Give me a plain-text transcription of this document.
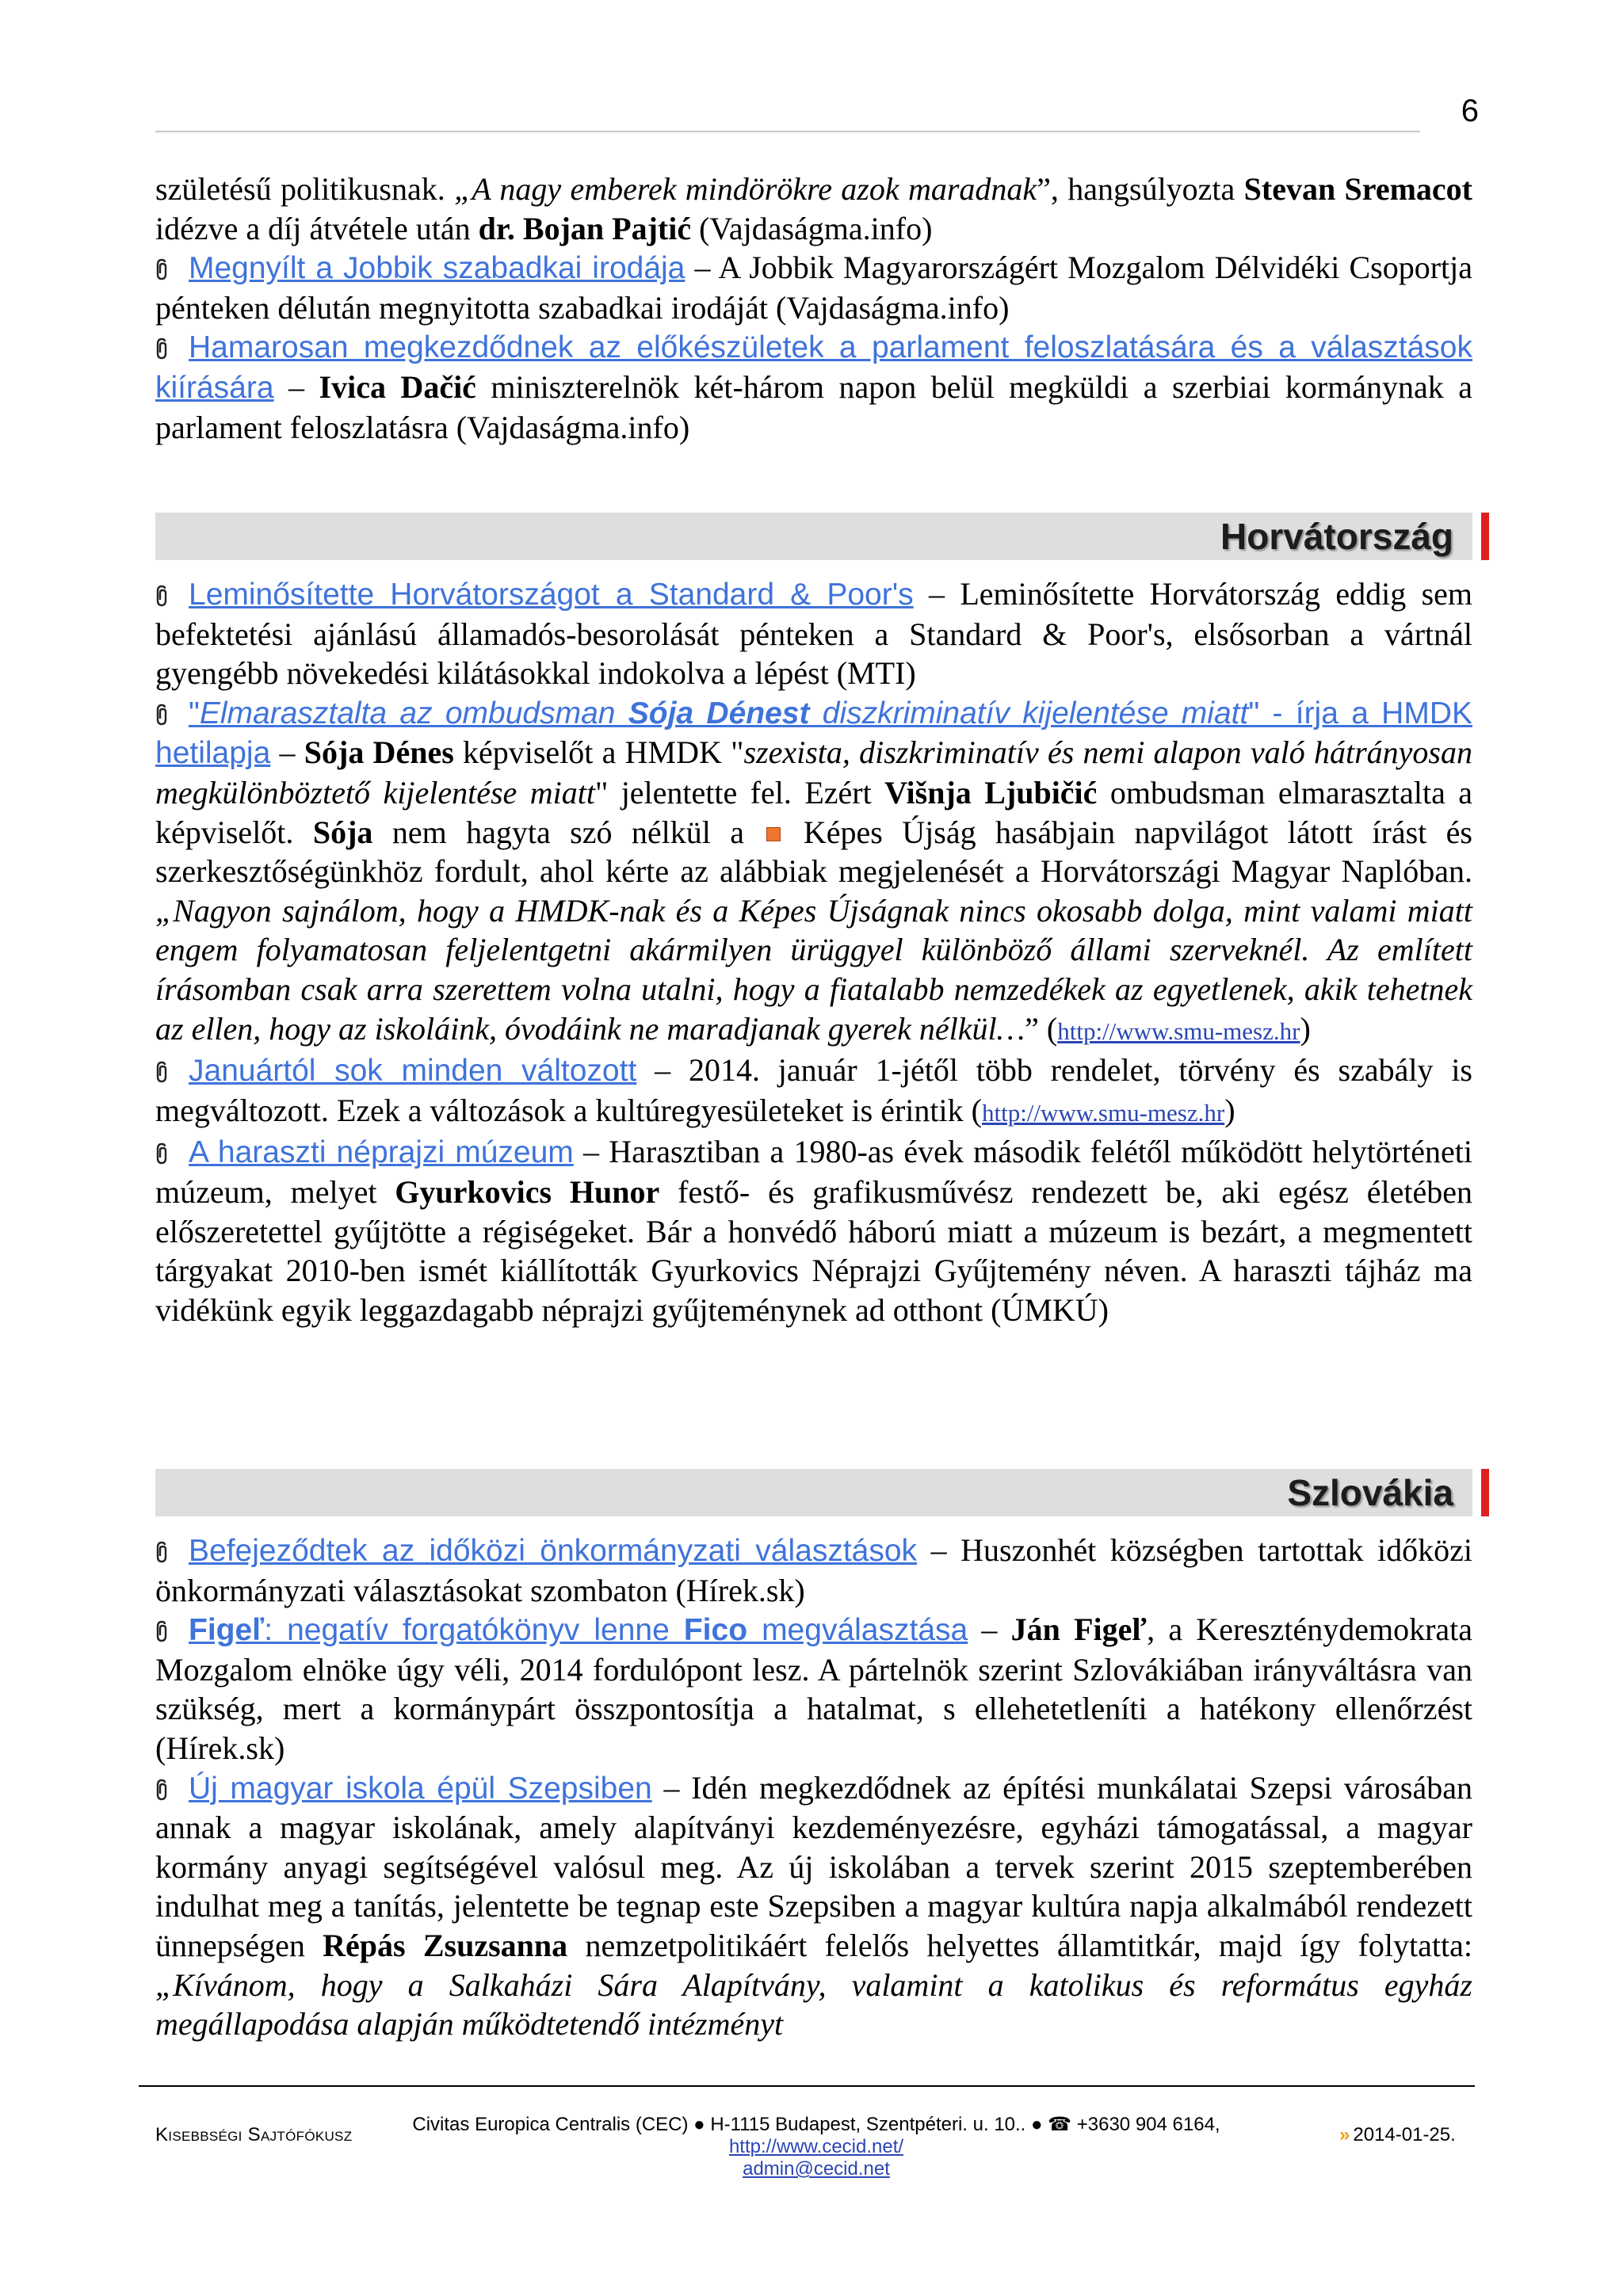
6

születésű politikusnak. „A nagy emberek mindörökre azok maradnak”, hangsúlyozta Stevan Sremacot idézve a díj átvétele után dr. Bojan Pajtić (Vajdaságma.info)

Megnyílt a Jobbik szabadkai irodája – A Jobbik Magyarországért Mozgalom Délvidéki Csoportja pénteken délután megnyitotta szabadkai irodáját (Vajdaságma.info)

Hamarosan megkezdődnek az előkészületek a parlament feloszlatására és a választások kiírására – Ivica Dačić miniszterelnök két-három napon belül megküldi a szerbiai kormánynak a parlament feloszlatásra (Vajdaságma.info)

Horvátország

Leminősítette Horvátországot a Standard & Poor's – Leminősítette Horvátország eddig sem befektetési ajánlású államadós-besorolását pénteken a Standard & Poor's, elsősorban a vártnál gyengébb növekedési kilátásokkal indokolva a lépést (MTI)

"Elmarasztalta az ombudsman Sója Dénest diszkriminatív kijelentése miatt" - írja a HMDK hetilapja – Sója Dénes képviselőt a HMDK "szexista, diszkriminatív és nemi alapon való hátrányosan megkülönböztető kijelentése miatt" jelentette fel. Ezért Višnja Ljubičić ombudsman elmarasztalta a képviselőt. Sója nem hagyta szó nélkül a  Képes Újság hasábjain napvilágot látott írást és szerkesztőségünkhöz fordult, ahol kérte az alábbiak megjelenését a Horvátországi Magyar Naplóban. „Nagyon sajnálom, hogy a HMDK-nak és a Képes Újságnak nincs okosabb dolga, mint valami miatt engem folyamatosan feljelentgetni akármilyen ürüggyel különböző állami szerveknél. Az említett írásomban csak arra szerettem volna utalni, hogy a fiatalabb nemzedékek az egyetlenek, akik tehetnek az ellen, hogy az iskoláink, óvodáink ne maradjanak gyerek nélkül…” (http://www.smu-mesz.hr)

Januártól sok minden változott – 2014. január 1-jétől több rendelet, törvény és szabály is megváltozott. Ezek a változások a kultúregyesületeket is érintik (http://www.smu-mesz.hr)

A haraszti néprajzi múzeum – Harasztiban a 1980-as évek második felétől működött helytörténeti múzeum, melyet Gyurkovics Hunor festő- és grafikusművész rendezett be, aki egész életében előszeretettel gyűjtötte a régiségeket. Bár a honvédő háború miatt a múzeum is bezárt, a megmentett tárgyakat 2010-ben ismét kiállították Gyurkovics Néprajzi Gyűjtemény néven. A haraszti tájház ma vidékünk egyik leggazdagabb néprajzi gyűjteménynek ad otthont (ÚMKÚ)

Szlovákia

Befejeződtek az időközi önkormányzati választások – Huszonhét községben tartottak időközi önkormányzati választásokat szombaton (Hírek.sk)

Figeľ: negatív forgatókönyv lenne Fico megválasztása – Ján Figeľ, a Kereszténydemokrata Mozgalom elnöke úgy véli, 2014 fordulópont lesz. A pártelnök szerint Szlovákiában irányváltásra van szükség, mert a kormánypárt összpontosítja a hatalmat, s ellehetetleníti a hatékony ellenőrzést (Hírek.sk)

Új magyar iskola épül Szepsiben – Idén megkezdődnek az építési munkálatai Szepsi városában annak a magyar iskolának, amely alapítványi kezdeményezésre, egyházi támogatással, a magyar kormány anyagi segítségével valósul meg. Az új iskolában a tervek szerint 2015 szeptemberében indulhat meg a tanítás, jelentette be tegnap este Szepsiben a magyar kultúra napja alkalmából rendezett ünnepségen Répás Zsuzsanna nemzetpolitikáért felelős helyettes államtitkár, majd így folytatta: „Kívánom, hogy a Salkaházi Sára Alapítvány, valamint a katolikus és református egyház megállapodása alapján működtetendő intézményt

Kisebbségi Sajtófókusz	Civitas Europica Centralis (CEC) ● H-1115 Budapest, Szentpéteri. u. 10.. ● ☎ +3630 904 6164,
http://www.cecid.net/
admin@cecid.net
» 2014-01-25.
